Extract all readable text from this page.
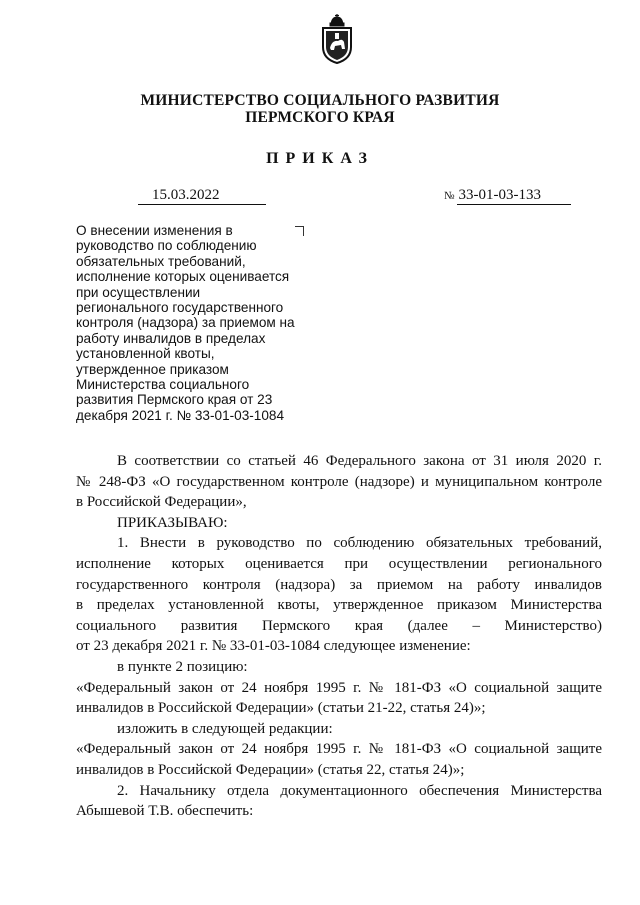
МИНИСТЕРСТВО СОЦИАЛЬНОГО РАЗВИТИЯ
ПЕРМСКОГО КРАЯ
ПРИКАЗ
15.03.2022	№ 33-01-03-133
О внесении изменения в
руководство по соблюдению
обязательных требований,
исполнение которых оценивается
при осуществлении
регионального государственного
контроля (надзора) за приемом на
работу инвалидов в пределах
установленной квоты,
утвержденное приказом
Министерства социального
развития Пермского края от 23
декабря 2021 г. № 33-01-03-1084

В соответствии со статьей 46 Федерального закона от 31 июля 2020 г.

№ 248-ФЗ «О государственном контроле (надзоре) и муниципальном контроле

в Российской Федерации»,

ПРИКАЗЫВАЮ:

1. Внести в руководство по соблюдению обязательных требований,

исполнение которых оценивается при осуществлении регионального

государственного контроля (надзора) за приемом на работу инвалидов

в пределах установленной квоты, утвержденное приказом Министерства

социального развития Пермского края (далее – Министерство)

от 23 декабря 2021 г. № 33-01-03-1084 следующее изменение:

в пункте 2 позицию:

«Федеральный закон от 24 ноября 1995 г. № 181-ФЗ «О социальной защите

инвалидов в Российской Федерации» (статьи 21-22, статья 24)»;

изложить в следующей редакции:

«Федеральный закон от 24 ноября 1995 г. № 181-ФЗ «О социальной защите

инвалидов в Российской Федерации» (статья 22, статья 24)»;

2. Начальнику отдела документационного обеспечения Министерства

Абышевой Т.В. обеспечить:
